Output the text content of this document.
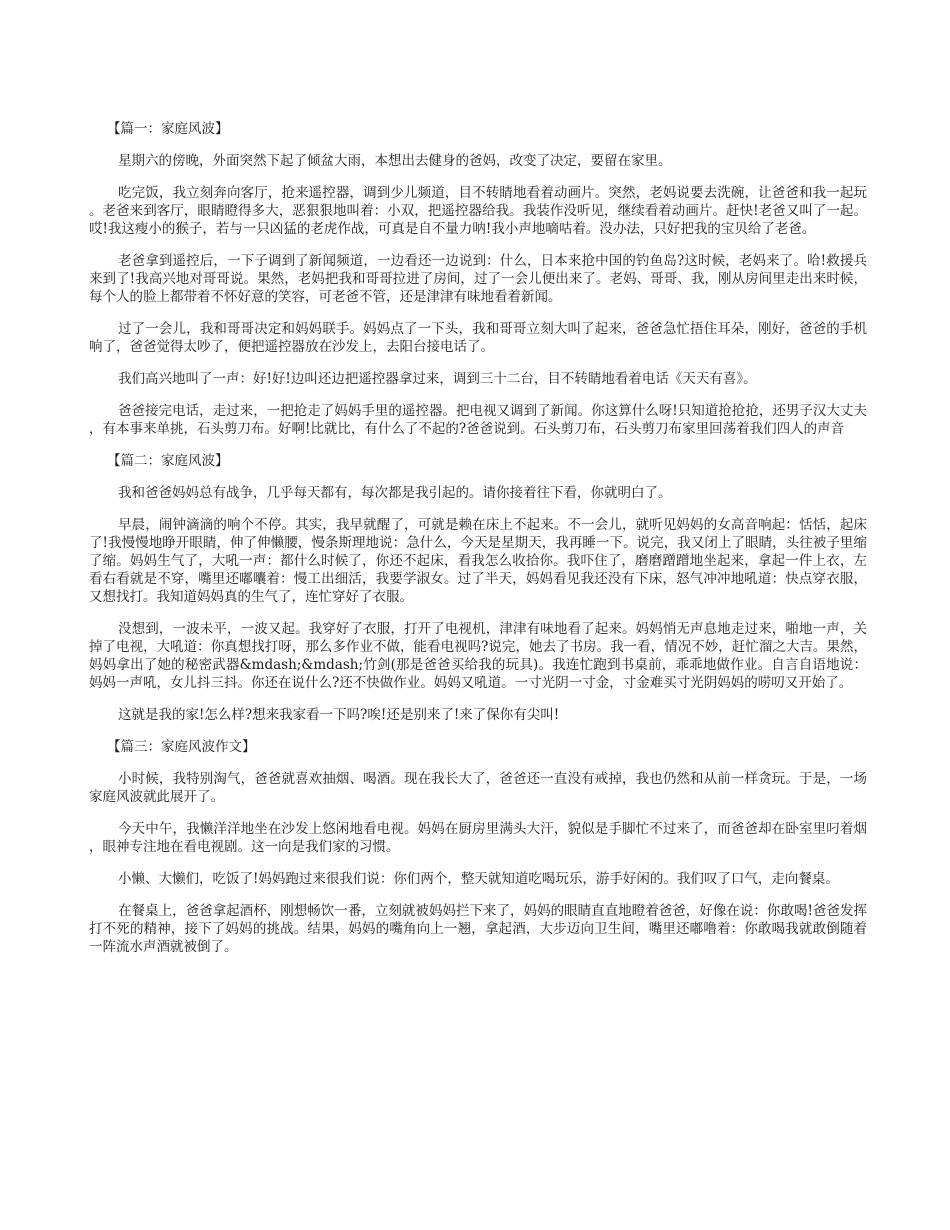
【篇一：家庭风波】

星期六的傍晚，外面突然下起了倾盆大雨，本想出去健身的爸妈，改变了决定，要留在家里。

吃完饭，我立刻奔向客厅，抢来遥控器，调到少儿频道，目不转睛地看着动画片。突然，老妈说要去洗碗，让爸爸和我一起玩。老爸来到客厅，眼睛瞪得多大，恶狠狠地叫着：小双，把遥控器给我。我装作没听见，继续看着动画片。赶快!老爸又叫了一起。哎!我这瘦小的猴子，若与一只凶猛的老虎作战，可真是自不量力呐!我小声地嘀咕着。没办法，只好把我的宝贝给了老爸。

老爸拿到遥控后，一下子调到了新闻频道，一边看还一边说到：什么，日本来抢中国的钓鱼岛?这时候，老妈来了。哈!救援兵来到了!我高兴地对哥哥说。果然，老妈把我和哥哥拉进了房间，过了一会儿便出来了。老妈、哥哥、我，刚从房间里走出来时候，每个人的脸上都带着不怀好意的笑容，可老爸不管，还是津津有味地看着新闻。

过了一会儿，我和哥哥决定和妈妈联手。妈妈点了一下头，我和哥哥立刻大叫了起来，爸爸急忙捂住耳朵，刚好，爸爸的手机响了，爸爸觉得太吵了，便把遥控器放在沙发上，去阳台接电话了。

我们高兴地叫了一声：好!好!边叫还边把遥控器拿过来，调到三十二台，目不转睛地看着电话《天天有喜》。

爸爸接完电话，走过来，一把抢走了妈妈手里的遥控器。把电视又调到了新闻。你这算什么呀!只知道抢抢抢，还男子汉大丈夫，有本事来单挑，石头剪刀布。好啊!比就比，有什么了不起的?爸爸说到。石头剪刀布，石头剪刀布家里回荡着我们四人的声音

【篇二：家庭风波】

我和爸爸妈妈总有战争，几乎每天都有，每次都是我引起的。请你接着往下看，你就明白了。

早晨，闹钟滴滴的响个不停。其实，我早就醒了，可就是赖在床上不起来。不一会儿，就听见妈妈的女高音响起：恬恬，起床了!我慢慢地睁开眼睛，伸了伸懒腰，慢条斯理地说：急什么，今天是星期天，我再睡一下。说完，我又闭上了眼睛，头往被子里缩了缩。妈妈生气了，大吼一声：都什么时候了，你还不起床，看我怎么收拾你。我吓住了，磨磨蹭蹭地坐起来，拿起一件上衣，左看右看就是不穿，嘴里还嘟囔着：慢工出细活，我要学淑女。过了半天，妈妈看见我还没有下床，怒气冲冲地吼道：快点穿衣服，又想找打。我知道妈妈真的生气了，连忙穿好了衣服。

没想到，一波未平，一波又起。我穿好了衣服，打开了电视机，津津有味地看了起来。妈妈悄无声息地走过来，啪地一声，关掉了电视，大吼道：你真想找打呀，那么多作业不做，能看电视吗?说完，她去了书房。我一看，情况不妙，赶忙溜之大吉。果然，妈妈拿出了她的秘密武器&mdash;&mdash;竹剑(那是爸爸买给我的玩具)。我连忙跑到书桌前，乖乖地做作业。自言自语地说：妈妈一声吼，女儿抖三抖。你还在说什么?还不快做作业。妈妈又吼道。一寸光阴一寸金，寸金难买寸光阴妈妈的唠叨又开始了。

这就是我的家!怎么样?想来我家看一下吗?唉!还是别来了!来了保你有尖叫!

【篇三：家庭风波作文】

小时候，我特别淘气，爸爸就喜欢抽烟、喝酒。现在我长大了，爸爸还一直没有戒掉，我也仍然和从前一样贪玩。于是，一场家庭风波就此展开了。

今天中午，我懒洋洋地坐在沙发上悠闲地看电视。妈妈在厨房里满头大汗，貌似是手脚忙不过来了，而爸爸却在卧室里叼着烟，眼神专注地在看电视剧。这一向是我们家的习惯。

小懒、大懒们，吃饭了!妈妈跑过来很我们说：你们两个，整天就知道吃喝玩乐，游手好闲的。我们叹了口气，走向餐桌。

在餐桌上，爸爸拿起酒杯，刚想畅饮一番，立刻就被妈妈拦下来了，妈妈的眼睛直直地瞪着爸爸，好像在说：你敢喝!爸爸发挥打不死的精神，接下了妈妈的挑战。结果，妈妈的嘴角向上一翘，拿起酒，大步迈向卫生间，嘴里还嘟噜着：你敢喝我就敢倒随着一阵流水声酒就被倒了。
